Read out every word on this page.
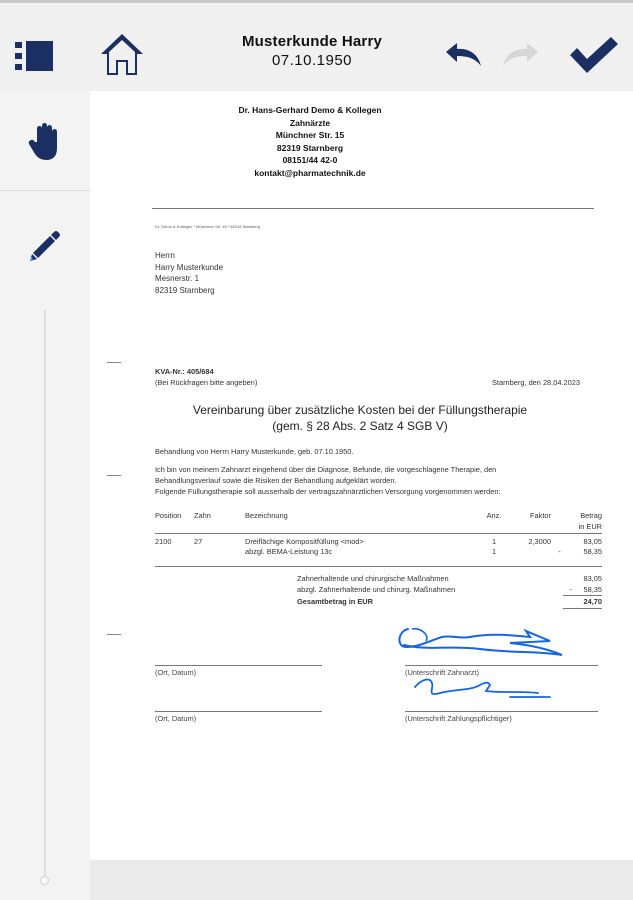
Musterkunde Harry
07.10.1950
Dr. Hans-Gerhard Demo & Kollegen
Zahnärzte
Münchner Str. 15
82319 Starnberg
08151/44 42-0
kontakt@pharmatechnik.de
Dr. Demo & Kollegen * Münchner Str. 15 * 82319 Starnberg
Herrn
Harry Musterkunde
Mesnerstr. 1
82319 Starnberg
KVA-Nr.: 405/684
(Bei Rückfragen bitte angeben)	Starnberg, den 28.04.2023
Vereinbarung über zusätzliche Kosten bei der Füllungstherapie
(gem. § 28 Abs. 2 Satz 4 SGB V)
Behandlung von Herrn Harry Musterkunde, geb. 07.10.1950.
Ich bin von meinem Zahnarzt eingehend über die Diagnose, Befunde, die vorgeschlagene Therapie, den
Behandlungsverlauf sowie die Risiken der Behandlung aufgeklärt worden.
Folgende Füllungstherapie soll ausserhalb der vertragszahnärztlichen Versorgung vorgenommen werden:
Position	Zahn	Bezeichnung	Anz.	Faktor		Betrag
in EUR

2100	27	Dreiflächige Kompositfüllung <mod>	1	2,3000		83,05
		abzgl. BEMA-Leistung 13c	1		-	58,35
Zahnerhaltende und chirurgische Maßnahmen	83,05
abzgl. Zahnerhaltende und chirurg. Maßnahmen	- 58,35
Gesamtbetrag in EUR	24,70
(Ort, Datum)	(Unterschrift Zahnarzt)
(Ort, Datum)	(Unterschrift Zahlungspflichtiger)
